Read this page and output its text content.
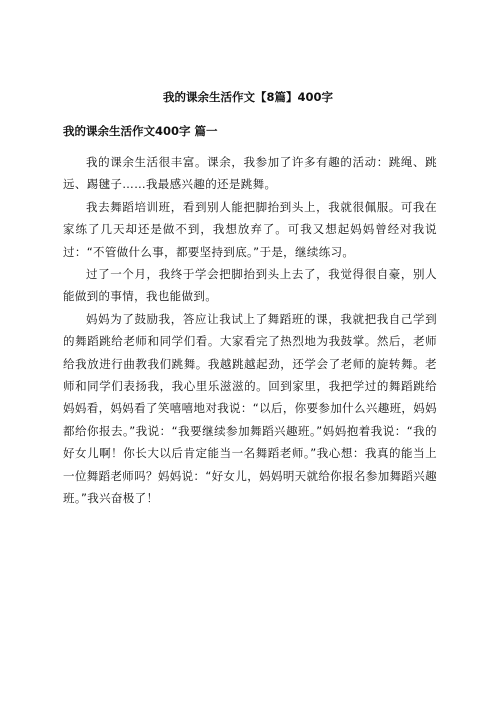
我的课余生活作文【8篇】400字
我的课余生活作文400字 篇一

我的课余生活很丰富。课余，我参加了许多有趣的活动：跳绳、跳远、踢毽子……我最感兴趣的还是跳舞。

我去舞蹈培训班，看到别人能把脚抬到头上，我就很佩服。可我在家练了几天却还是做不到，我想放弃了。可我又想起妈妈曾经对我说过：“不管做什么事，都要坚持到底。”于是，继续练习。

过了一个月，我终于学会把脚抬到头上去了，我觉得很自豪，别人能做到的事情，我也能做到。

妈妈为了鼓励我，答应让我试上了舞蹈班的课，我就把我自己学到的舞蹈跳给老师和同学们看。大家看完了热烈地为我鼓掌。然后，老师给我放进行曲教我们跳舞。我越跳越起劲，还学会了老师的旋转舞。老师和同学们表扬我，我心里乐滋滋的。回到家里，我把学过的舞蹈跳给妈妈看，妈妈看了笑嘻嘻地对我说：“以后，你要参加什么兴趣班，妈妈都给你报去。”我说：“我要继续参加舞蹈兴趣班。”妈妈抱着我说：“我的好女儿啊！你长大以后肯定能当一名舞蹈老师。”我心想：我真的能当上一位舞蹈老师吗？妈妈说：“好女儿，妈妈明天就给你报名参加舞蹈兴趣班。”我兴奋极了！
